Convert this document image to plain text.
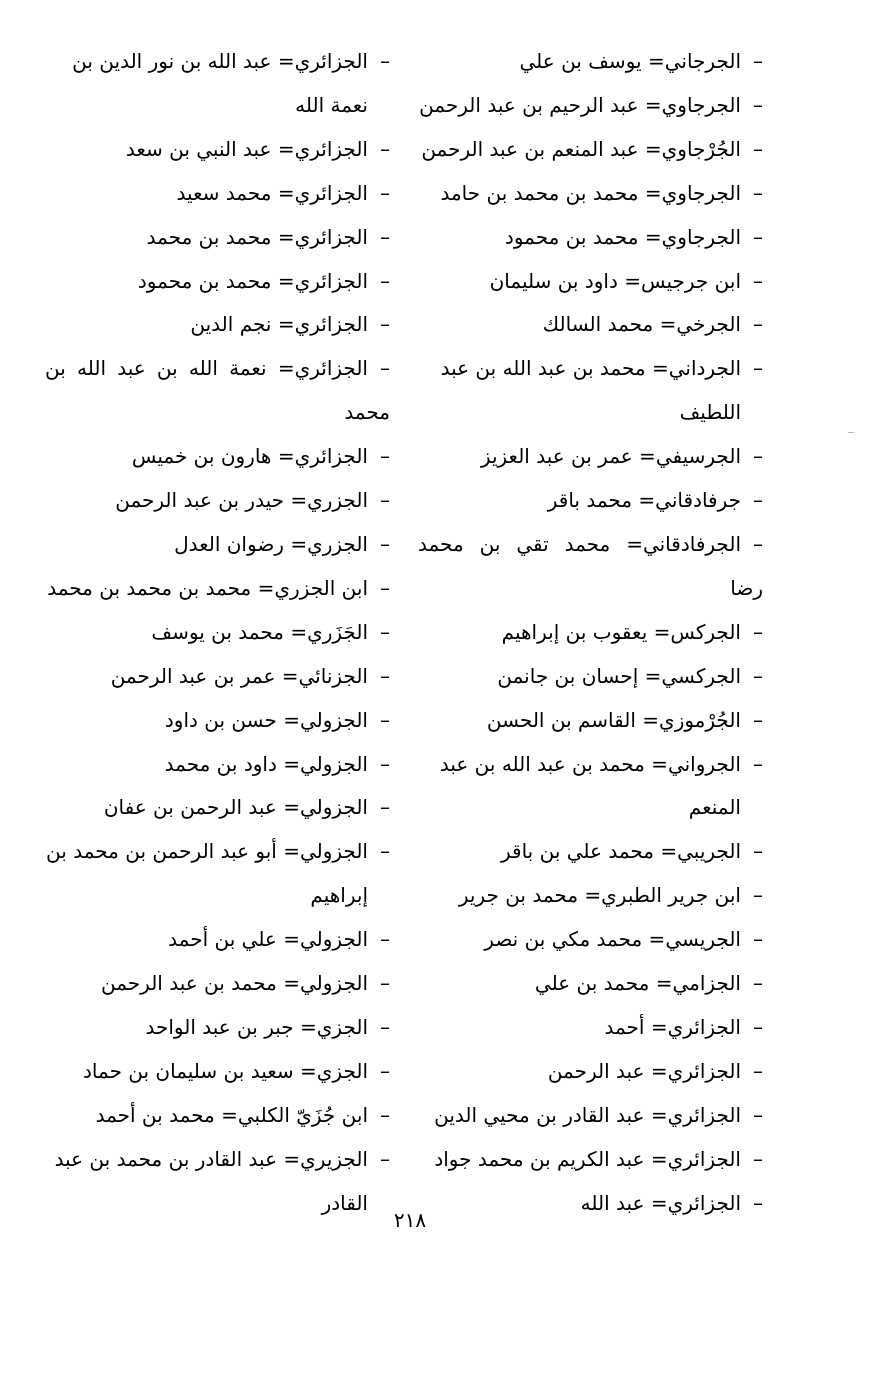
–الجرجاني= يوسف بن علي
–الجرجاوي= عبد الرحيم بن عبد الرحمن
–الجُرْجاوي= عبد المنعم بن عبد الرحمن
–الجرجاوي= محمد بن محمد بن حامد
–الجرجاوي= محمد بن محمود
–ابن جرجيس= داود بن سليمان
–الجرخي= محمد السالك
–الجرداني= محمد بن عبد الله بن عبد
اللطيف
–الجرسيفي= عمر بن عبد العزيز
–جرفادقاني= محمد باقر
–الجرفادقاني= محمد تقي بن محمد رضا
–الجركس= يعقوب بن إبراهيم
–الجركسي= إحسان بن جانمن
–الجُرْموزي= القاسم بن الحسن
–الجرواني= محمد بن عبد الله بن عبد
المنعم
–الجريبي= محمد علي بن باقر
–ابن جرير الطبري= محمد بن جرير
–الجريسي= محمد مكي بن نصر
–الجزامي= محمد بن علي
–الجزائري= أحمد
–الجزائري= عبد الرحمن
–الجزائري= عبد القادر بن محيي الدين
–الجزائري= عبد الكريم بن محمد جواد
–الجزائري= عبد الله
–الجزائري= عبد الله بن نور الدين بن
نعمة الله
–الجزائري= عبد النبي بن سعد
–الجزائري= محمد سعيد
–الجزائري= محمد بن محمد
–الجزائري= محمد بن محمود
–الجزائري= نجم الدين
–الجزائري= نعمة الله بن عبد الله بن محمد
–الجزائري= هارون بن خميس
–الجزري= حيدر بن عبد الرحمن
–الجزري= رضوان العدل
–ابن الجزري= محمد بن محمد بن محمد
–الجَزَري= محمد بن يوسف
–الجزنائي= عمر بن عبد الرحمن
–الجزولي= حسن بن داود
–الجزولي= داود بن محمد
–الجزولي= عبد الرحمن بن عفان
–الجزولي= أبو عبد الرحمن بن محمد بن
إبراهيم
–الجزولي= علي بن أحمد
–الجزولي= محمد بن عبد الرحمن
–الجزي= جبر بن عبد الواحد
–الجزي= سعيد بن سليمان بن حماد
–ابن جُزَيّ الكلبي= محمد بن أحمد
–الجزيري= عبد القادر بن محمد بن عبد
القادر
٢١٨
